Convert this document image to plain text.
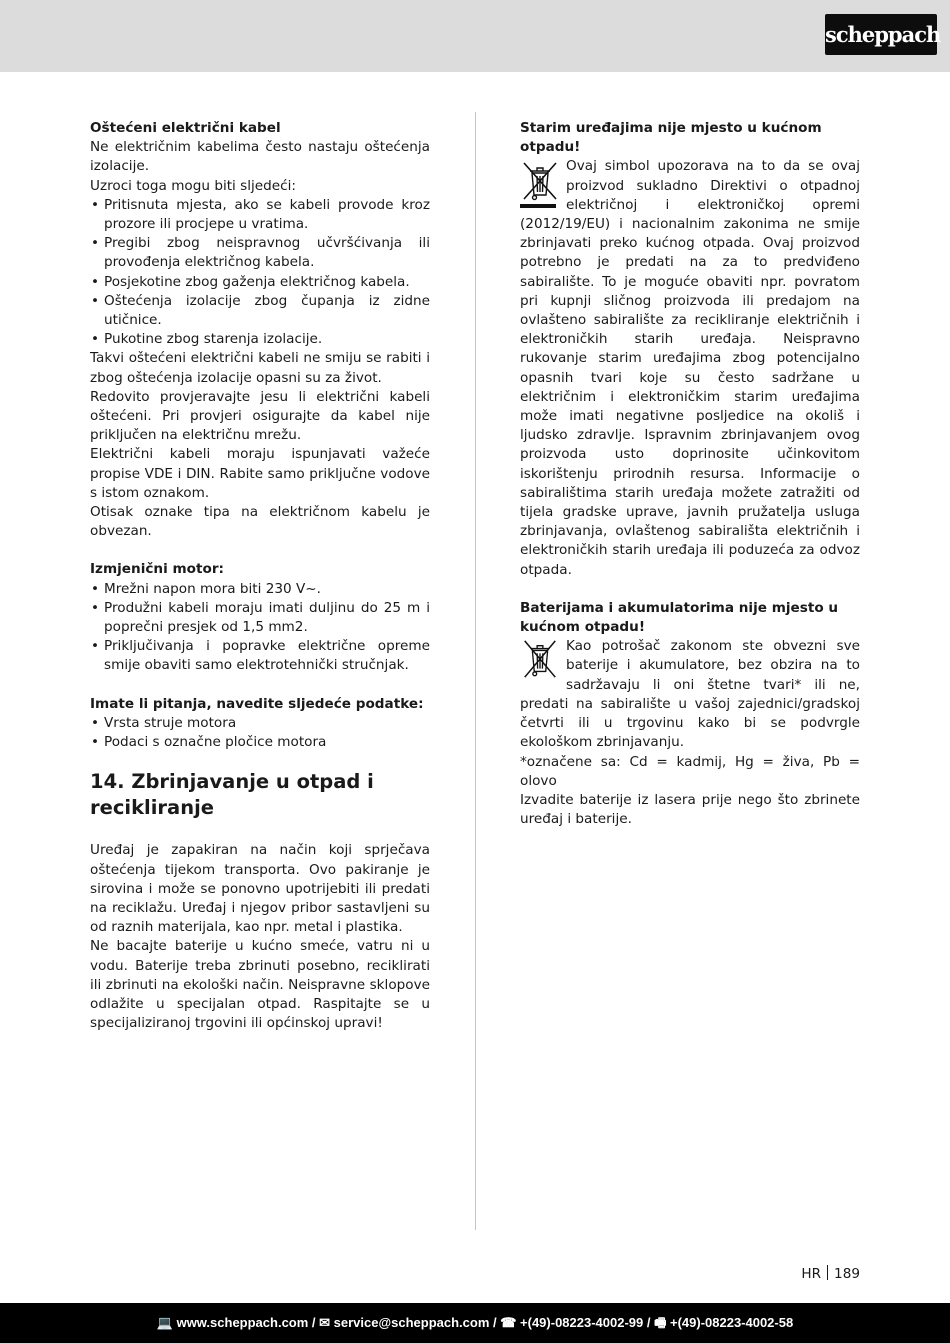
scheppach
Oštećeni električni kabel
Ne električnim kabelima često nastaju oštećenja izolacije.
Uzroci toga mogu biti sljedeći:
• Pritisnuta mjesta, ako se kabeli provode kroz prozore ili procjepe u vratima.
• Pregibi zbog neispravnog učvršćivanja ili provođenja električnog kabela.
• Posjekotine zbog gaženja električnog kabela.
• Oštećenja izolacije zbog čupanja iz zidne utičnice.
• Pukotine zbog starenja izolacije.
Takvi oštećeni električni kabeli ne smiju se rabiti i zbog oštećenja izolacije opasni su za život.
Redovito provjeravajte jesu li električni kabeli oštećeni. Pri provjeri osigurajte da kabel nije priključen na električnu mrežu.
Električni kabeli moraju ispunjavati važeće propise VDE i DIN. Rabite samo priključne vodove s istom oznakom.
Otisak oznake tipa na električnom kabelu je obvezan.
Izmjenični motor:
• Mrežni napon mora biti 230 V~.
• Produžni kabeli moraju imati duljinu do 25 m i poprečni presjek od 1,5 mm2.
• Priključivanja i popravke električne opreme smije obaviti samo elektrotehnički stručnjak.
Imate li pitanja, navedite sljedeće podatke:
• Vrsta struje motora
• Podaci s označne pločice motora
14. Zbrinjavanje u otpad i recikliranje
Uređaj je zapakiran na način koji sprječava oštećenja tijekom transporta. Ovo pakiranje je sirovina i može se ponovno upotrijebiti ili predati na reciklažu. Uređaj i njegov pribor sastavljeni su od raznih materijala, kao npr. metal i plastika.
Ne bacajte baterije u kućno smeće, vatru ni u vodu. Baterije treba zbrinuti posebno, reciklirati ili zbrinuti na ekološki način. Neispravne sklopove odlažite u specijalan otpad. Raspitajte se u specijaliziranoj trgovini ili općinskoj upravi!
Starim uređajima nije mjesto u kućnom otpadu!
Ovaj simbol upozorava na to da se ovaj proizvod sukladno Direktivi o otpadnoj električnoj i elektroničkoj opremi (2012/19/EU) i nacionalnim zakonima ne smije zbrinjavati preko kućnog otpada. Ovaj proizvod potrebno je predati na za to predviđeno sabiralište. To je moguće obaviti npr. povratom pri kupnji sličnog proizvoda ili predajom na ovlašteno sabiralište za recikliranje električnih i elektroničkih starih uređaja. Neispravno rukovanje starim uređajima zbog potencijalno opasnih tvari koje su često sadržane u električnim i elektroničkim starim uređajima može imati negativne posljedice na okoliš i ljudsko zdravlje. Ispravnim zbrinjavanjem ovog proizvoda usto doprinosite učinkovitom iskorištenju prirodnih resursa. Informacije o sabiralištima starih uređaja možete zatražiti od tijela gradske uprave, javnih pružatelja usluga zbrinjavanja, ovlaštenog sabirališta električnih i elektroničkih starih uređaja ili poduzeća za odvoz otpada.
Baterijama i akumulatorima nije mjesto u kućnom otpadu!
Kao potrošač zakonom ste obvezni sve baterije i akumulatore, bez obzira na to sadržavaju li oni štetne tvari* ili ne, predati na sabiralište u vašoj zajednici/gradskoj četvrti ili u trgovinu kako bi se podvrgle ekološkom zbrinjavanju.
*označene sa: Cd = kadmij, Hg = živa, Pb = olovo
Izvadite baterije iz lasera prije nego što zbrinete uređaj i baterije.
HR 189
💻 www.scheppach.com / ✉ service@scheppach.com / ☎ +(49)-08223-4002-99 / 🖷 +(49)-08223-4002-58
